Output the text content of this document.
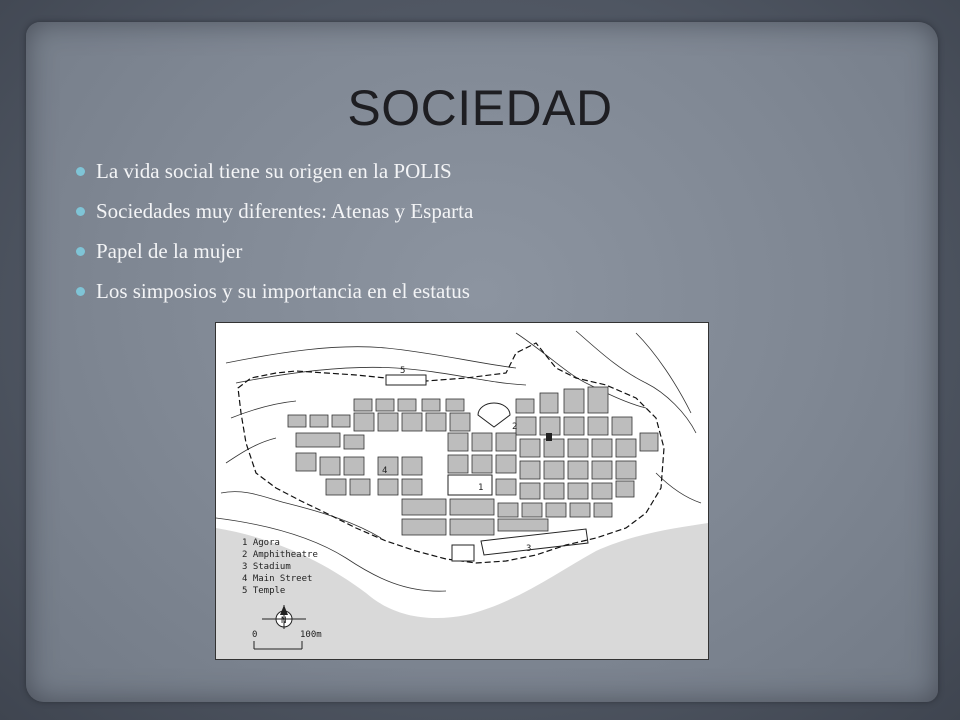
SOCIEDAD
La vida social tiene su origen en la POLIS
Sociedades muy diferentes: Atenas y Esparta
Papel de la mujer
Los simposios y su importancia en el estatus
1
2
3
4
5
1 Agora
2 Amphitheatre
3 Stadium
4 Main Street
5 Temple
N
0	100m
